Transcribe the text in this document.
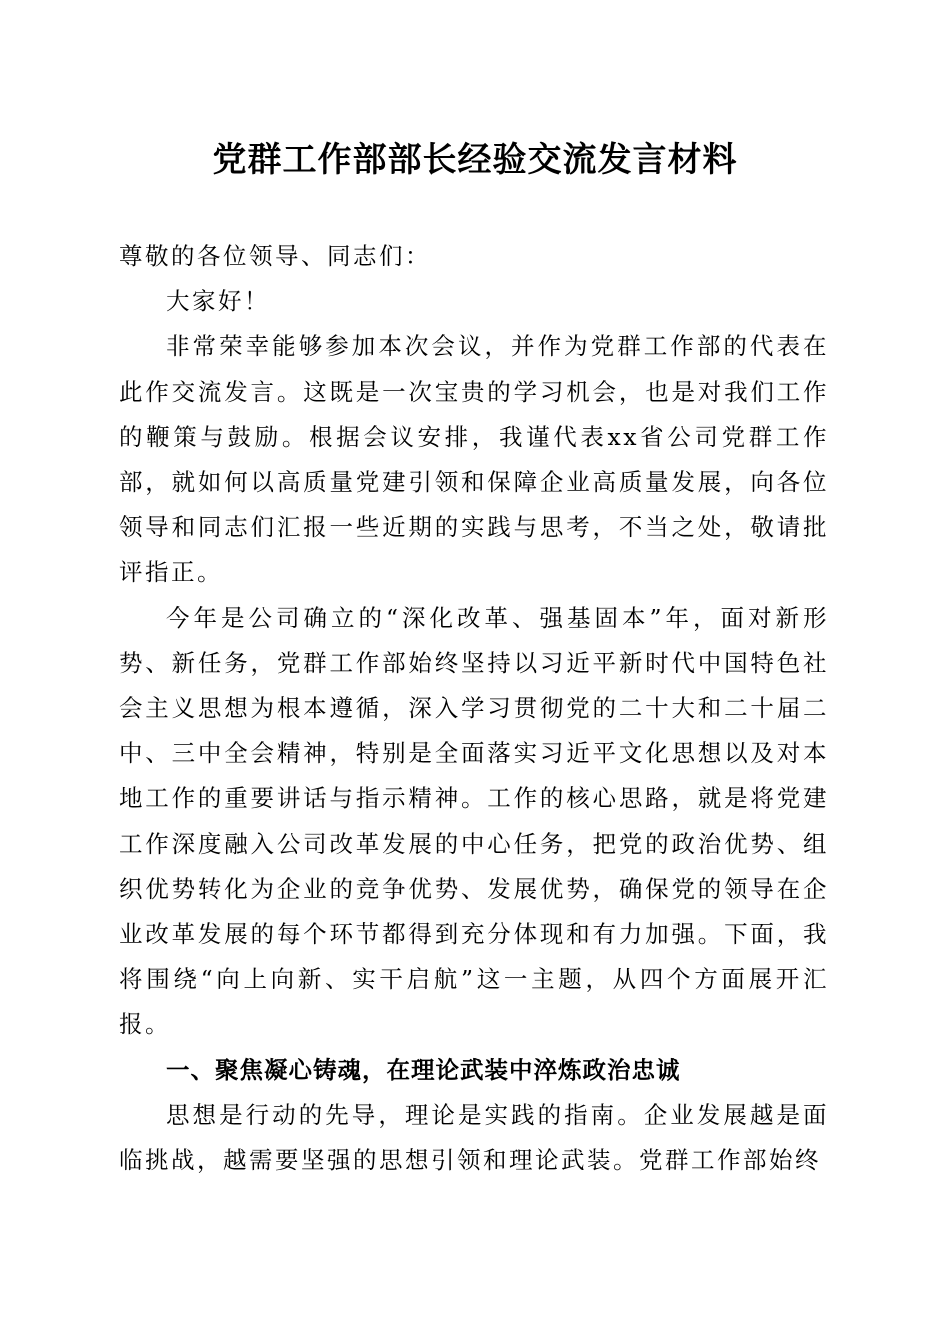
党群工作部部长经验交流发言材料

尊敬的各位领导、同志们：

大家好！

非常荣幸能够参加本次会议，并作为党群工作部的代表在此作交流发言。这既是一次宝贵的学习机会，也是对我们工作的鞭策与鼓励。根据会议安排，我谨代表xx省公司党群工作部，就如何以高质量党建引领和保障企业高质量发展，向各位领导和同志们汇报一些近期的实践与思考，不当之处，敬请批评指正。

今年是公司确立的“深化改革、强基固本”年，面对新形势、新任务，党群工作部始终坚持以习近平新时代中国特色社会主义思想为根本遵循，深入学习贯彻党的二十大和二十届二中、三中全会精神，特别是全面落实习近平文化思想以及对本地工作的重要讲话与指示精神。工作的核心思路，就是将党建工作深度融入公司改革发展的中心任务，把党的政治优势、组织优势转化为企业的竞争优势、发展优势，确保党的领导在企业改革发展的每个环节都得到充分体现和有力加强。下面，我将围绕“向上向新、实干启航”这一主题，从四个方面展开汇报。

一、聚焦凝心铸魂，在理论武装中淬炼政治忠诚

思想是行动的先导，理论是实践的指南。企业发展越是面临挑战，越需要坚强的思想引领和理论武装。党群工作部始终
